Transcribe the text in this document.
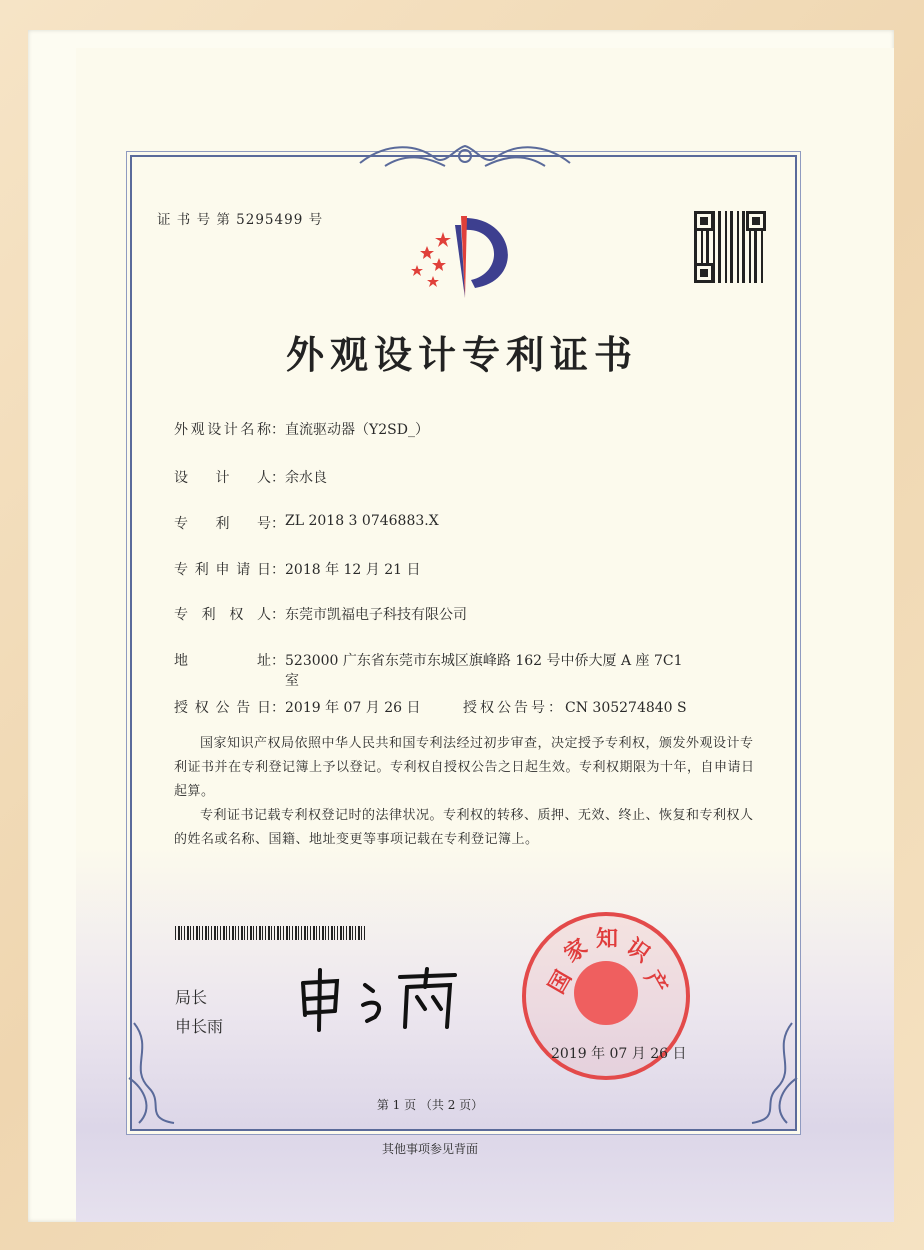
证 书 号 第 5295499 号
外观设计专利证书
外 观 设 计 名 称 ： 直流驱动器（Y2SD_）
设 计 人 ： 余水良
专 利 号 ： ZL 2018 3 0746883.X
专 利 申 请 日 ： 2018 年 12 月 21 日
专 利 权 人 ： 东莞市凯福电子科技有限公司
地	址 ： 523000 广东省东莞市东城区旗峰路 162 号中侨大厦 A 座 7C1
室
授 权 公 告 日 ： 2019 年 07 月 26 日	授权公告号：CN 305274840 S
国家知识产权局依照中华人民共和国专利法经过初步审查，决定授予专利权，颁发外观设计专利证书并在专利登记簿上予以登记。专利权自授权公告之日起生效。专利权期限为十年，自申请日起算。
专利证书记载专利权登记时的法律状况。专利权的转移、质押、无效、终止、恢复和专利权人的姓名或名称、国籍、地址变更等事项记载在专利登记簿上。
局长
申长雨
国
家 知 识
产
2019 年 07 月 26 日
第 1 页 （共 2 页）
其他事项参见背面
